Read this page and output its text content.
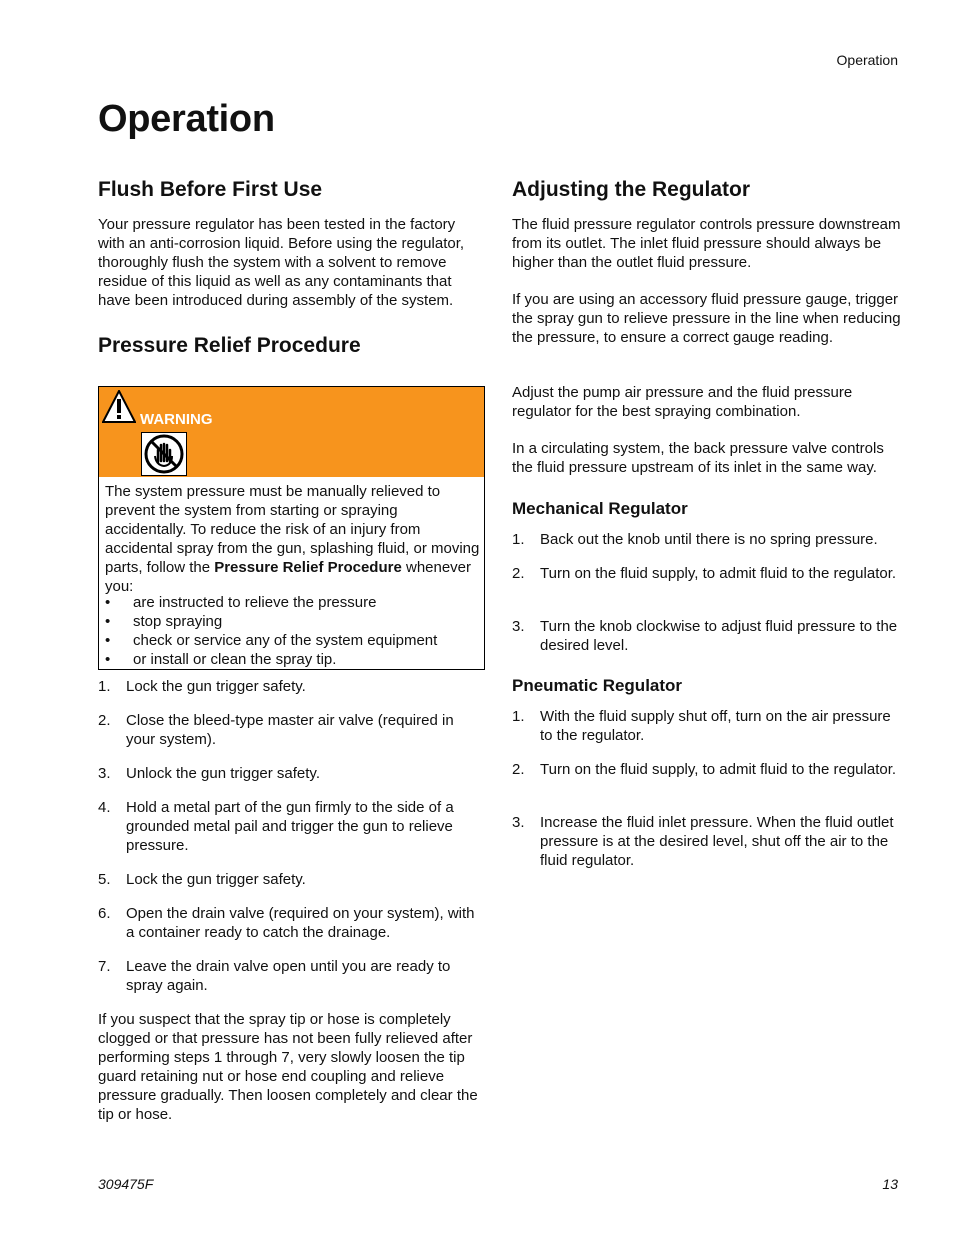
Operation
Operation
Flush Before First Use

Your pressure regulator has been tested in the factory with an anti-corrosion liquid. Before using the regulator, thoroughly flush the system with a solvent to remove residue of this liquid as well as any contaminants that have been introduced during assembly of the system.

Pressure Relief Procedure
WARNING
The system pressure must be manually relieved to prevent the system from starting or spraying accidentally. To reduce the risk of an injury from accidental spray from the gun, splashing fluid, or moving parts, follow the Pressure Relief Procedure whenever you:
• are instructed to relieve the pressure
• stop spraying
• check or service any of the system equipment
• or install or clean the spray tip.
1. Lock the gun trigger safety.
2. Close the bleed-type master air valve (required in your system).
3. Unlock the gun trigger safety.
4. Hold a metal part of the gun firmly to the side of a grounded metal pail and trigger the gun to relieve pressure.
5. Lock the gun trigger safety.
6. Open the drain valve (required on your system), with a container ready to catch the drainage.
7. Leave the drain valve open until you are ready to spray again.

If you suspect that the spray tip or hose is completely clogged or that pressure has not been fully relieved after performing steps 1 through 7, very slowly loosen the tip guard retaining nut or hose end coupling and relieve pressure gradually. Then loosen completely and clear the tip or hose.

Adjusting the Regulator

The fluid pressure regulator controls pressure downstream from its outlet. The inlet fluid pressure should always be higher than the outlet fluid pressure.

If you are using an accessory fluid pressure gauge, trigger the spray gun to relieve pressure in the line when reducing the pressure, to ensure a correct gauge reading.

Adjust the pump air pressure and the fluid pressure regulator for the best spraying combination.

In a circulating system, the back pressure valve controls the fluid pressure upstream of its inlet in the same way.

Mechanical Regulator
1. Back out the knob until there is no spring pressure.
2. Turn on the fluid supply, to admit fluid to the regulator.
3. Turn the knob clockwise to adjust fluid pressure to the desired level.
Pneumatic Regulator
1. With the fluid supply shut off, turn on the air pressure to the regulator.
2. Turn on the fluid supply, to admit fluid to the regulator.
3. Increase the fluid inlet pressure. When the fluid outlet pressure is at the desired level, shut off the air to the fluid regulator.
309475F	13
